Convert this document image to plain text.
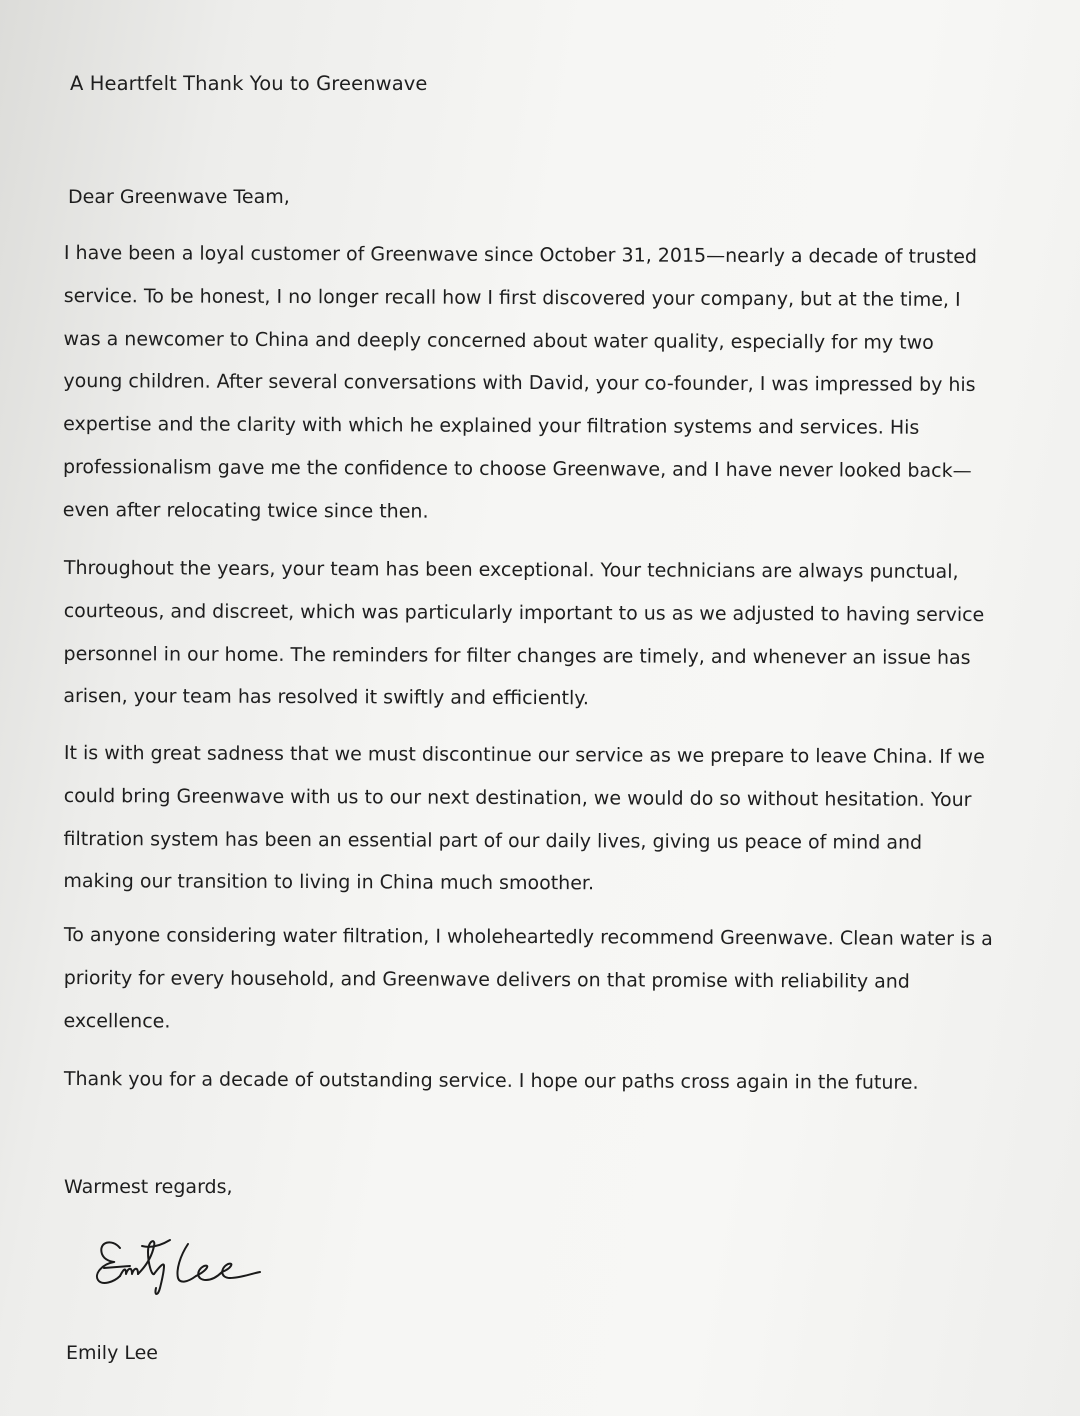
A Heartfelt Thank You to Greenwave
Dear Greenwave Team,

I have been a loyal customer of Greenwave since October 31, 2015—nearly a decade of trusted service. To be honest, I no longer recall how I first discovered your company, but at the time, I was a newcomer to China and deeply concerned about water quality, especially for my two young children. After several conversations with David, your co-founder, I was impressed by his expertise and the clarity with which he explained your filtration systems and services. His professionalism gave me the confidence to choose Greenwave, and I have never looked back—even after relocating twice since then.

Throughout the years, your team has been exceptional. Your technicians are always punctual, courteous, and discreet, which was particularly important to us as we adjusted to having service personnel in our home. The reminders for filter changes are timely, and whenever an issue has arisen, your team has resolved it swiftly and efficiently.

It is with great sadness that we must discontinue our service as we prepare to leave China. If we could bring Greenwave with us to our next destination, we would do so without hesitation. Your filtration system has been an essential part of our daily lives, giving us peace of mind and making our transition to living in China much smoother.

To anyone considering water filtration, I wholeheartedly recommend Greenwave. Clean water is a priority for every household, and Greenwave delivers on that promise with reliability and excellence.

Thank you for a decade of outstanding service. I hope our paths cross again in the future.

Warmest regards,
Emily Lee
